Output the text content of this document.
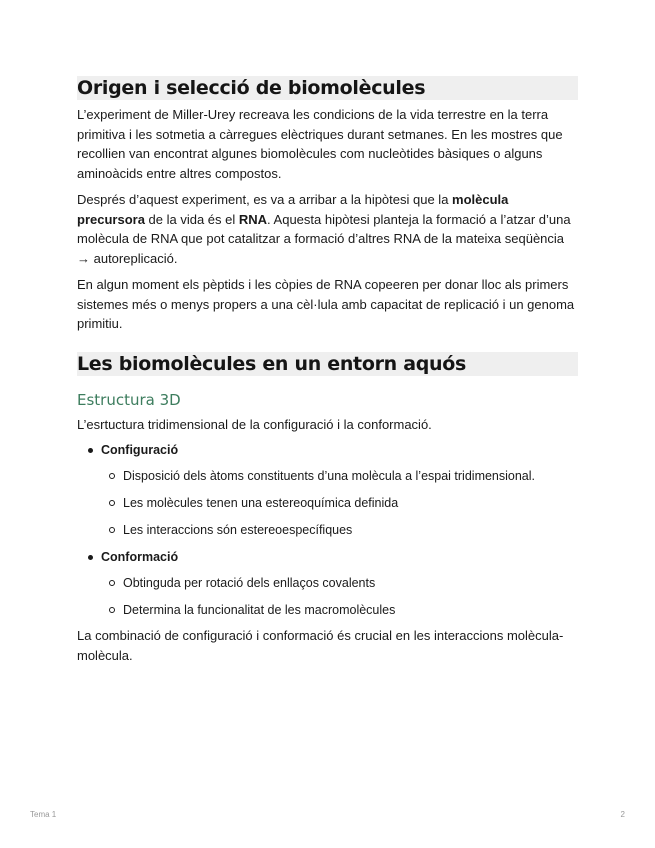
Origen i selecció de biomolècules

L’experiment de Miller-Urey recreava les condicions de la vida terrestre en la terra primitiva i les sotmetia a càrregues elèctriques durant setmanes. En les mostres que recollien van encontrat algunes biomolècules com nucleòtides bàsiques o alguns aminoàcids entre altres compostos.

Després d’aquest experiment, es va a arribar a la hipòtesi que la molècula precursora de la vida és el RNA. Aquesta hipòtesi planteja la formació a l’atzar d’una molècula de RNA que pot catalitzar a formació d’altres RNA de la mateixa seqüència → autoreplicació.

En algun moment els pèptids i les còpies de RNA copeeren per donar lloc als primers sistemes més o menys propers a una cèl·lula amb capacitat de replicació i un genoma primitiu.

Les biomolècules en un entorn aquós
Estructura 3D

L’esrtuctura tridimensional de la configuració i la conformació.

Configuració
Disposició dels àtoms constituents d’una molècula a l’espai tridimensional.
Les molècules tenen una estereoquímica definida
Les interaccions són estereoespecífiques
Conformació
Obtinguda per rotació dels enllaços covalents
Determina la funcionalitat de les macromolècules

La combinació de configuració i conformació és crucial en les interaccions molècula-molècula.

Tema 1	2
